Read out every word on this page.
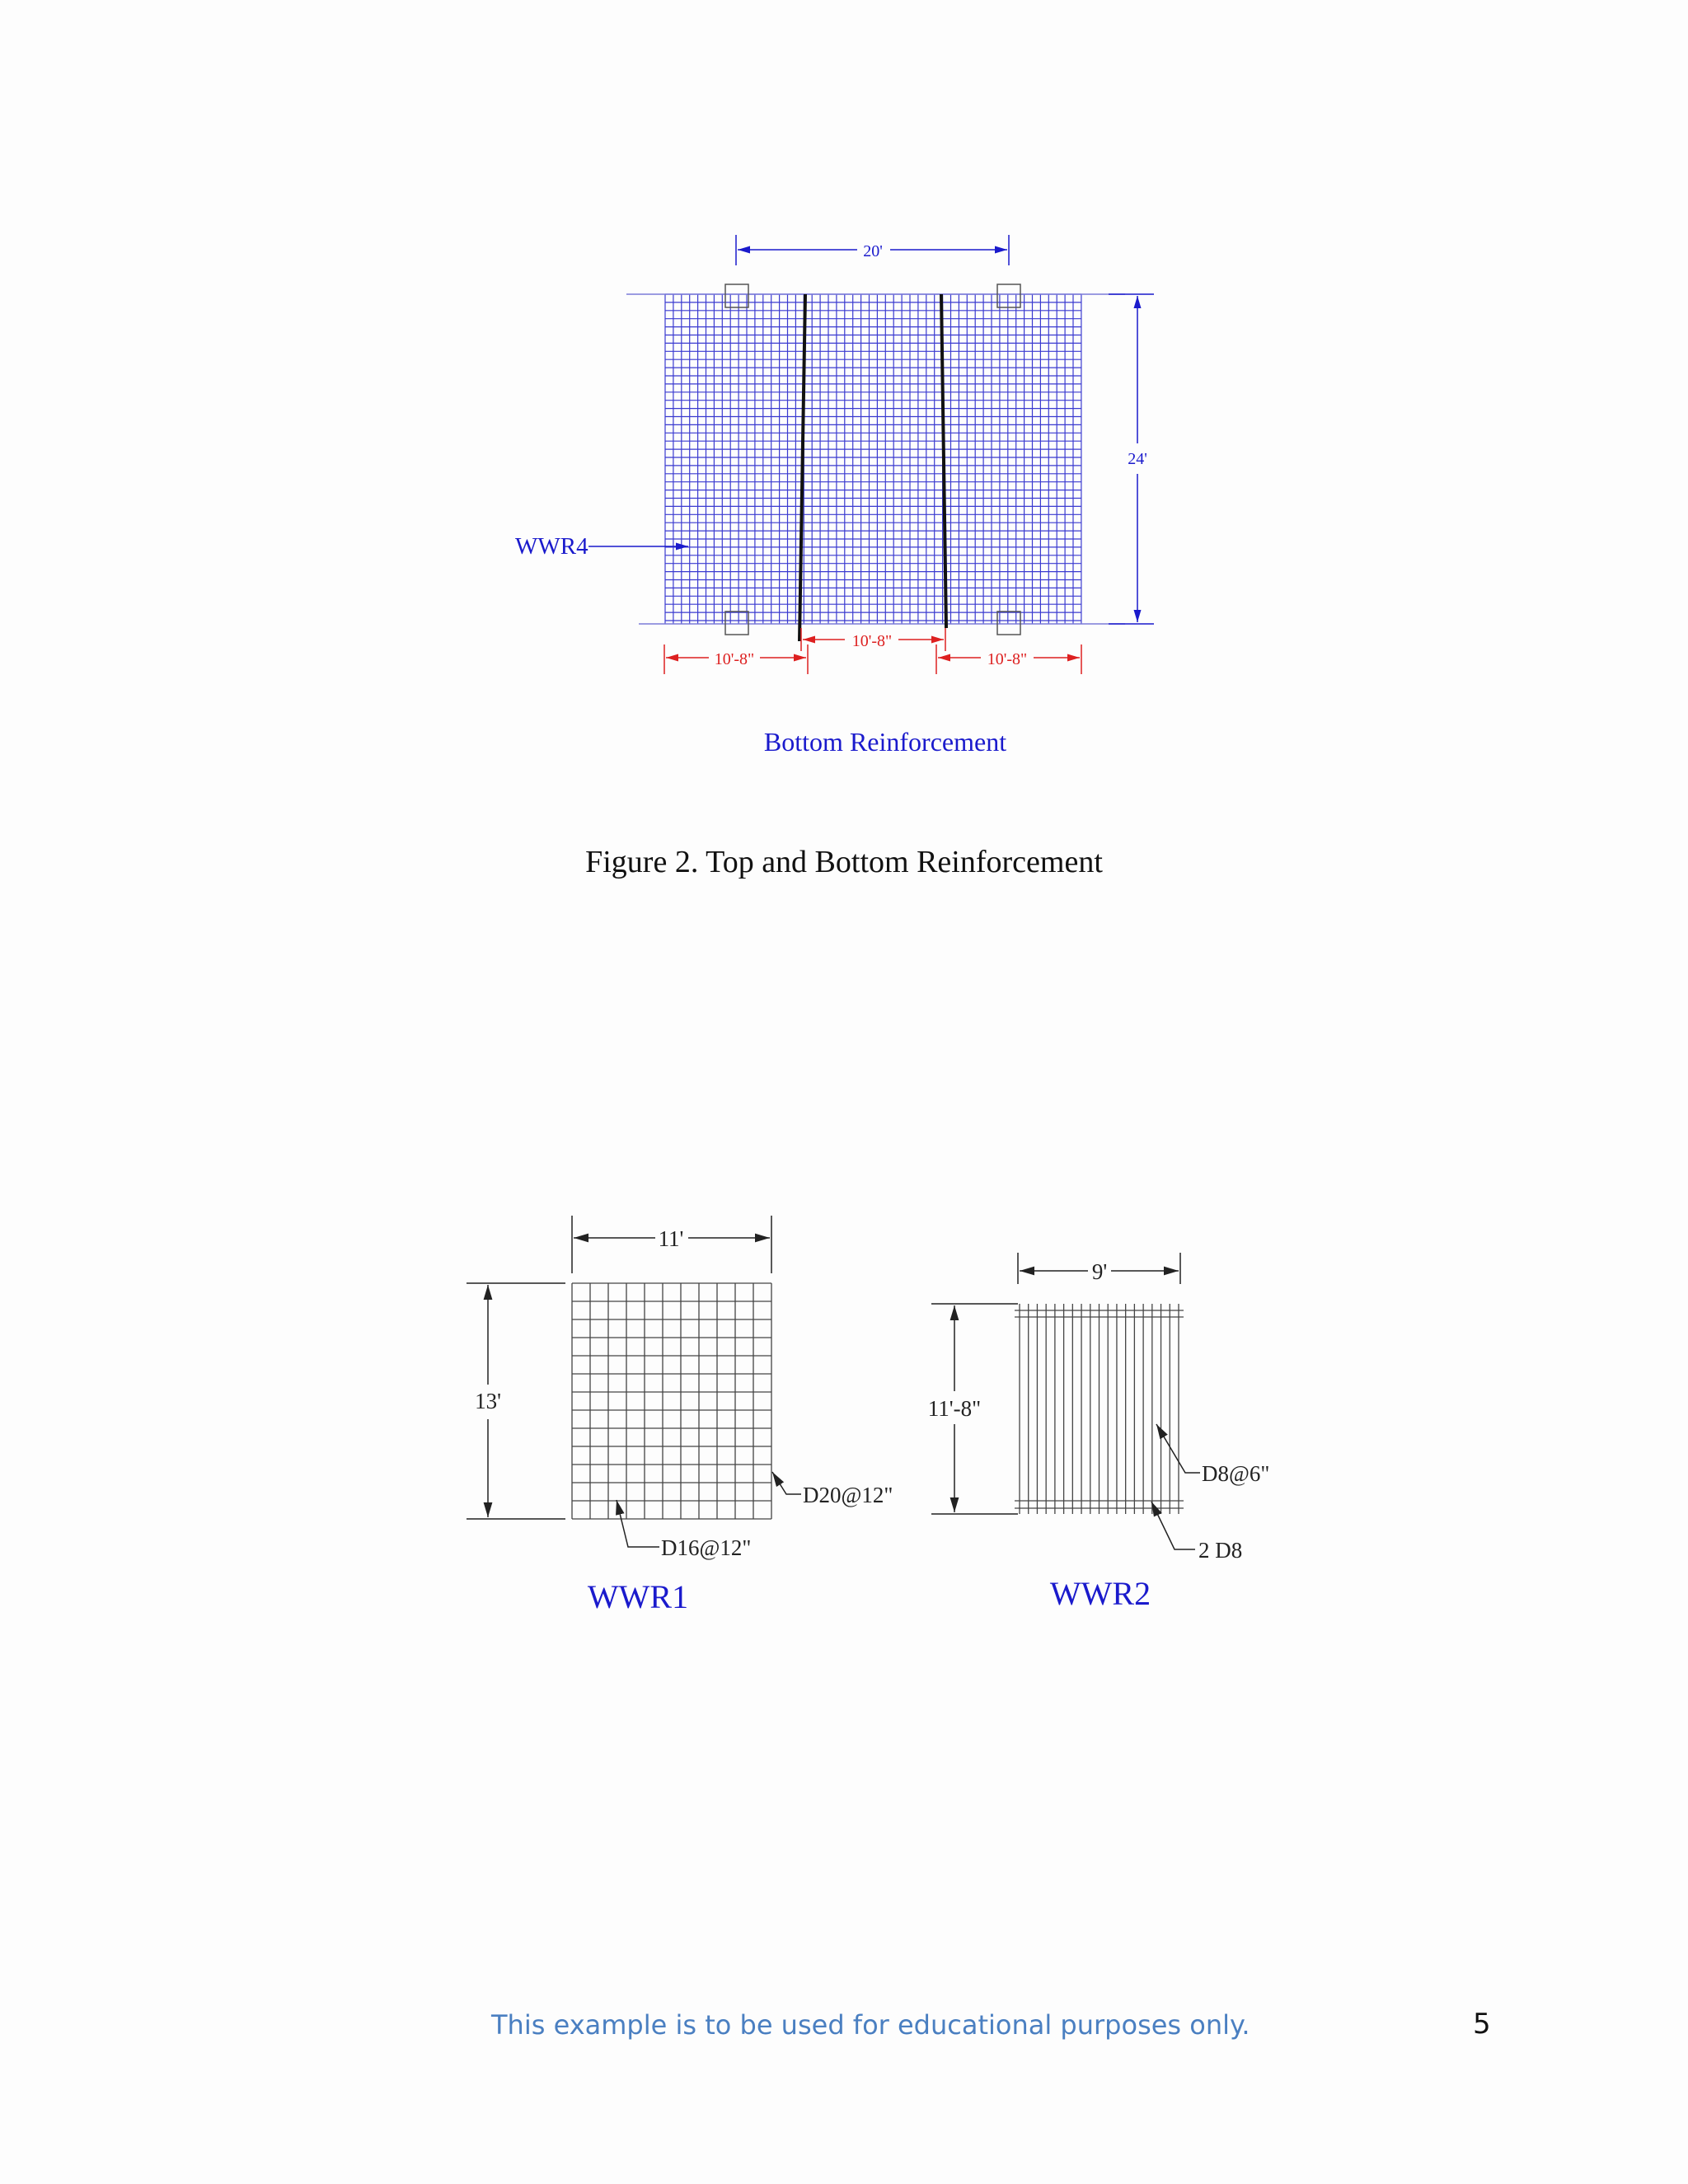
20'
24'
WWR4
10'-8"
10'-8"
10'-8"
Bottom Reinforcement
11'
13'
D20@12"
D16@12"
WWR1
9'
11'-8"
D8@6"
2 D8
WWR2
Figure 2. Top and Bottom Reinforcement
This example is to be used for educational purposes only.	5
